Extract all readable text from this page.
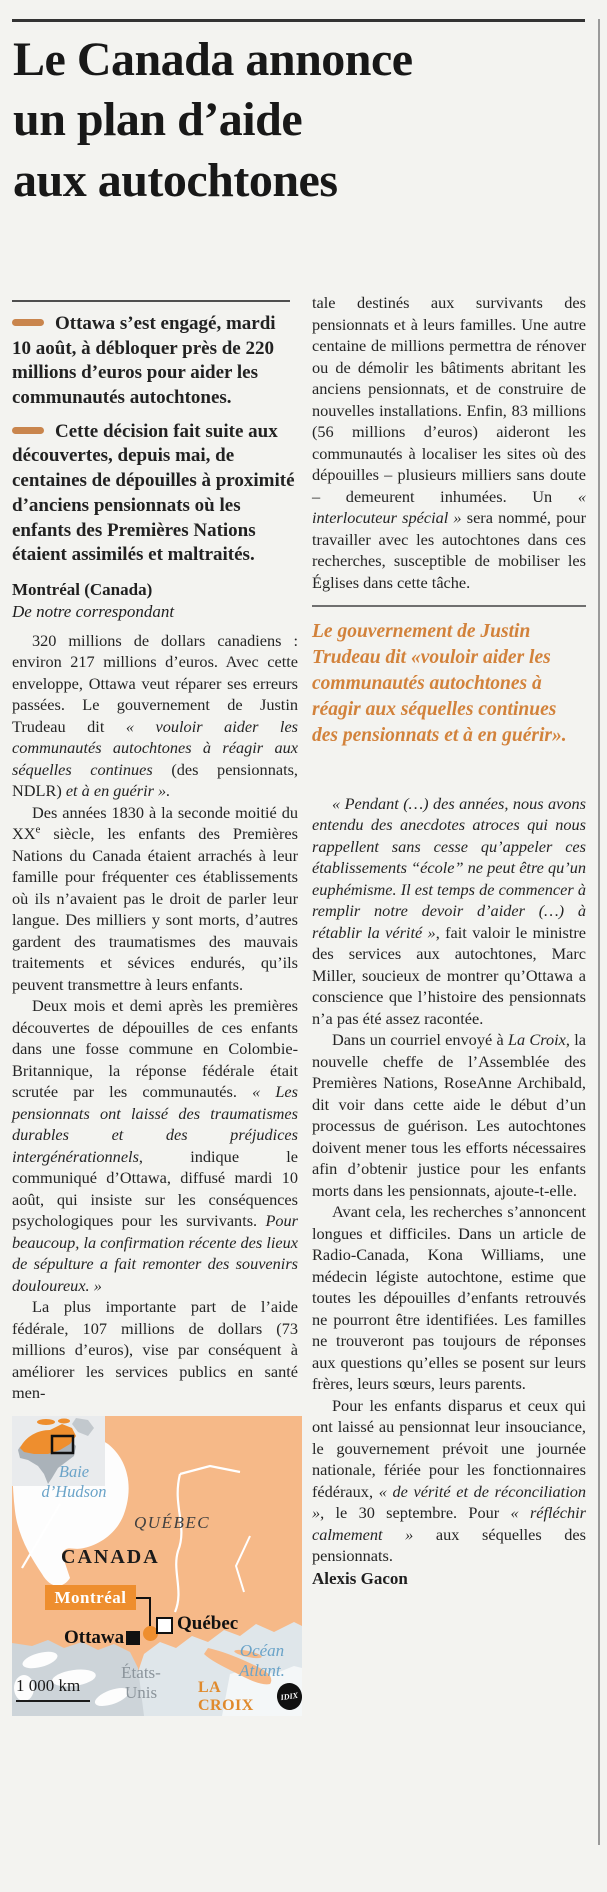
Le Canada annonce
un plan d’aide
aux autochtones

Ottawa s’est engagé, mardi 10 août, à débloquer près de 220 millions d’euros pour aider les communautés autochtones.

Cette décision fait suite aux découvertes, depuis mai, de centaines de dépouilles à proximité d’anciens pensionnats où les enfants des Premières Nations étaient assimilés et maltraités.

Montréal (Canada)

De notre correspondant

320 millions de dollars canadiens : environ 217 millions d’euros. Avec cette enveloppe, Ottawa veut réparer ses erreurs passées. Le gouvernement de Justin Trudeau dit « vouloir aider les communautés autochtones à réagir aux séquelles continues (des pensionnats, NDLR) et à en guérir ».

Des années 1830 à la seconde moitié du XXe siècle, les enfants des Premières Nations du Canada étaient arrachés à leur famille pour fréquenter ces établissements où ils n’avaient pas le droit de parler leur langue. Des milliers y sont morts, d’autres gardent des traumatismes des mauvais traitements et sévices endurés, qu’ils peuvent transmettre à leurs enfants.

Deux mois et demi après les premières découvertes de dépouilles de ces enfants dans une fosse commune en Colombie-Britannique, la réponse fédérale était scrutée par les communautés. « Les pensionnats ont laissé des traumatismes durables et des préjudices intergénérationnels, indique le communiqué d’Ottawa, diffusé mardi 10 août, qui insiste sur les conséquences psychologiques pour les survivants. Pour beaucoup, la confirmation récente des lieux de sépulture a fait remonter des souvenirs douloureux. »

La plus importante part de l’aide fédérale, 107 millions de dollars (73 millions d’euros), vise par conséquent à améliorer les services publics en santé men-

Baie
d’Hudson
QUÉBEC
CANADA
États-
Unis
Océan
Atlant.
Montréal
Québec
Ottawa
1 000 km	LA CROIX	IDIX

tale destinés aux survivants des pensionnats et à leurs familles. Une autre centaine de millions permettra de rénover ou de démolir les bâtiments abritant les anciens pensionnats, et de construire de nouvelles installations. Enfin, 83 millions (56 millions d’euros) aideront les communautés à localiser les sites où des dépouilles – plusieurs milliers sans doute – demeurent inhumées. Un « interlocuteur spécial » sera nommé, pour travailler avec les autochtones dans ces recherches, susceptible de mobiliser les Églises dans cette tâche.

Le gouvernement de Justin Trudeau dit «vouloir aider les communautés autochtones à réagir aux séquelles continues des pensionnats et à en guérir».

« Pendant (…) des années, nous avons entendu des anecdotes atroces qui nous rappellent sans cesse qu’appeler ces établissements “école” ne peut être qu’un euphémisme. Il est temps de commencer à remplir notre devoir d’aider (…) à rétablir la vérité », fait valoir le ministre des services aux autochtones, Marc Miller, soucieux de montrer qu’Ottawa a conscience que l’histoire des pensionnats n’a pas été assez racontée.

Dans un courriel envoyé à La Croix, la nouvelle cheffe de l’Assemblée des Premières Nations, RoseAnne Archibald, dit voir dans cette aide le début d’un processus de guérison. Les autochtones doivent mener tous les efforts nécessaires afin d’obtenir justice pour les enfants morts dans les pensionnats, ajoute-t-elle.

Avant cela, les recherches s’annoncent longues et difficiles. Dans un article de Radio-Canada, Kona Williams, une médecin légiste autochtone, estime que toutes les dépouilles d’enfants retrouvés ne pourront être identifiées. Les familles ne trouveront pas toujours de réponses aux questions qu’elles se posent sur leurs frères, leurs sœurs, leurs parents.

Pour les enfants disparus et ceux qui ont laissé au pensionnat leur insouciance, le gouvernement prévoit une journée nationale, fériée pour les fonctionnaires fédéraux, « de vérité et de réconciliation », le 30 septembre. Pour « réfléchir calmement » aux séquelles des pensionnats.

Alexis Gacon
